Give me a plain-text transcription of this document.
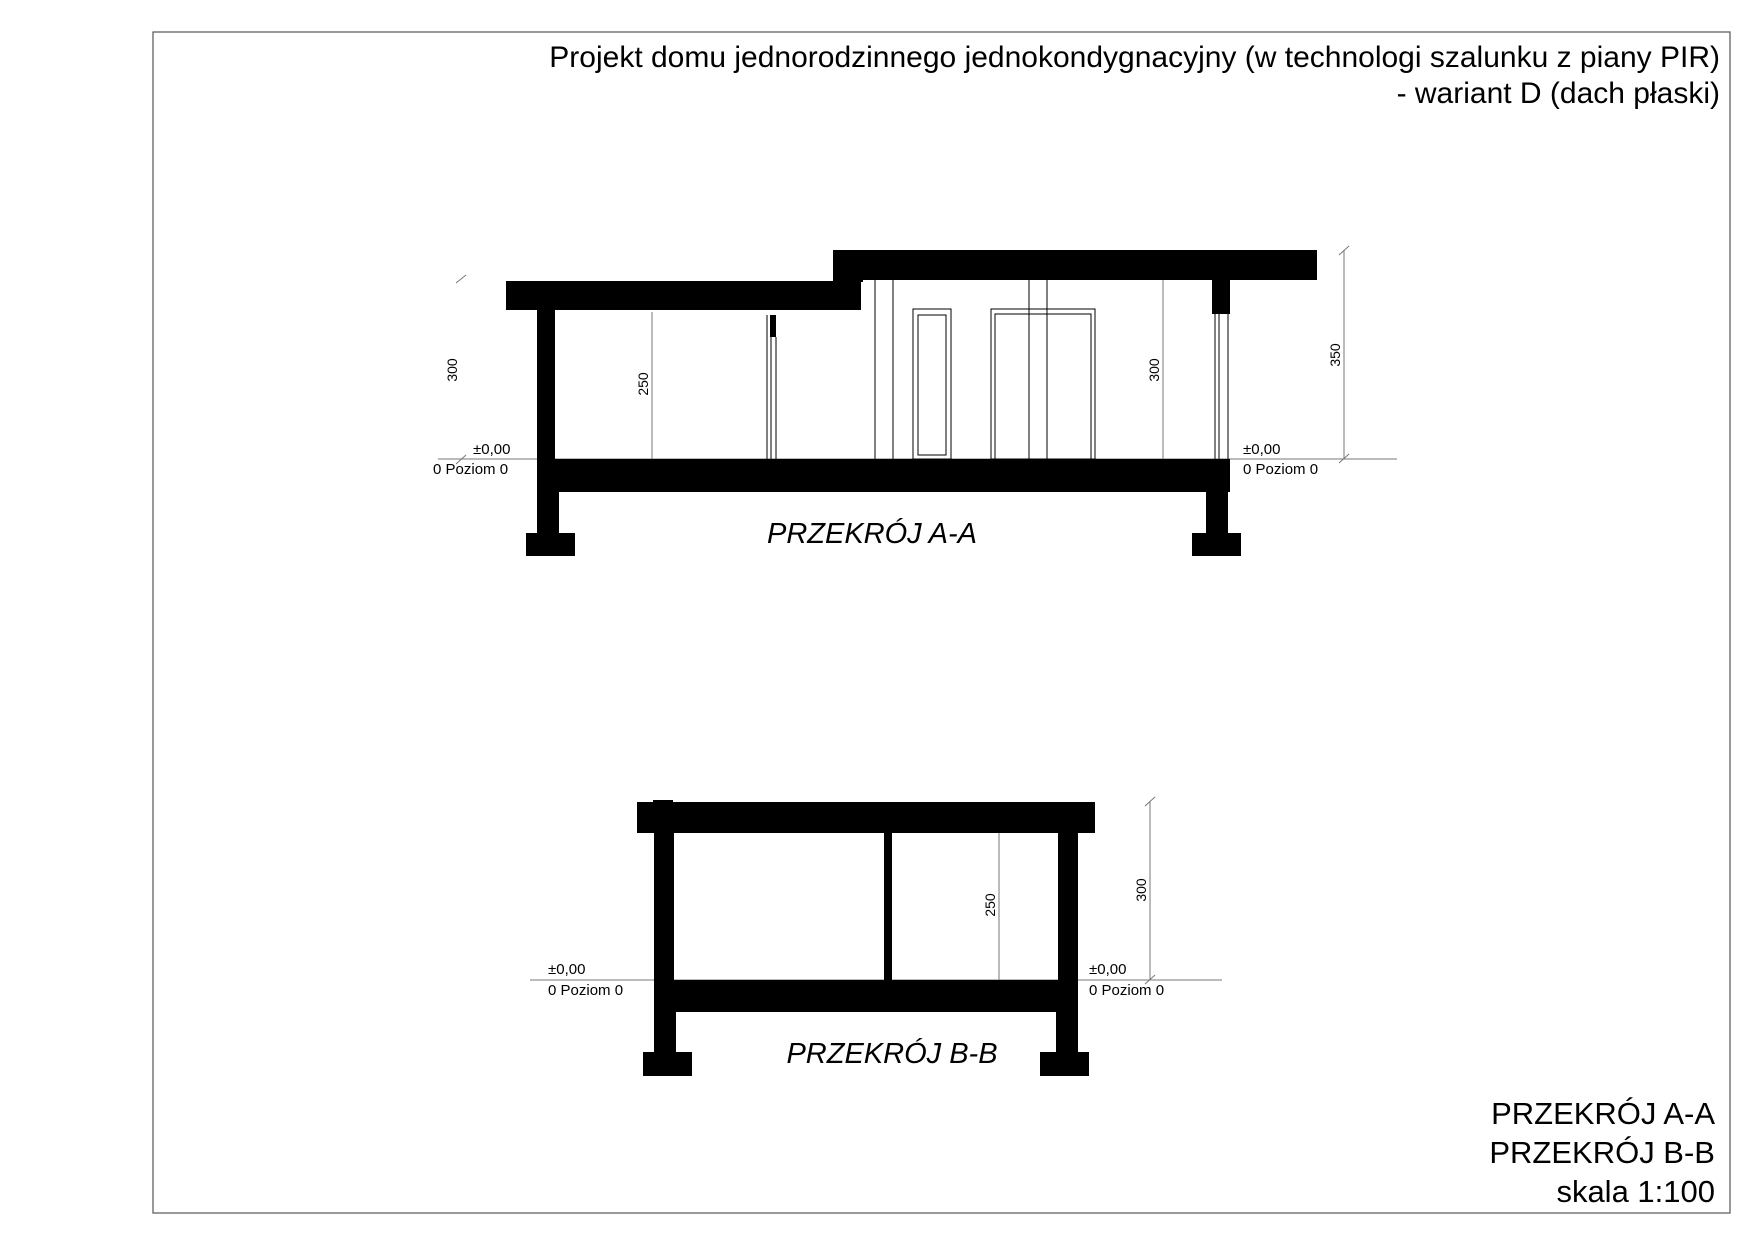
Projekt domu jednorodzinnego jednokondygnacyjny (w technologi szalunku z piany PIR)
- wariant D (dach płaski)
250
300
300
350
±0,00
0 Poziom 0
±0,00
0 Poziom 0
PRZEKRÓJ A-A
250
300
±0,00
0 Poziom 0
±0,00
0 Poziom 0
PRZEKRÓJ B-B
PRZEKRÓJ A-A
PRZEKRÓJ B-B
skala 1:100
